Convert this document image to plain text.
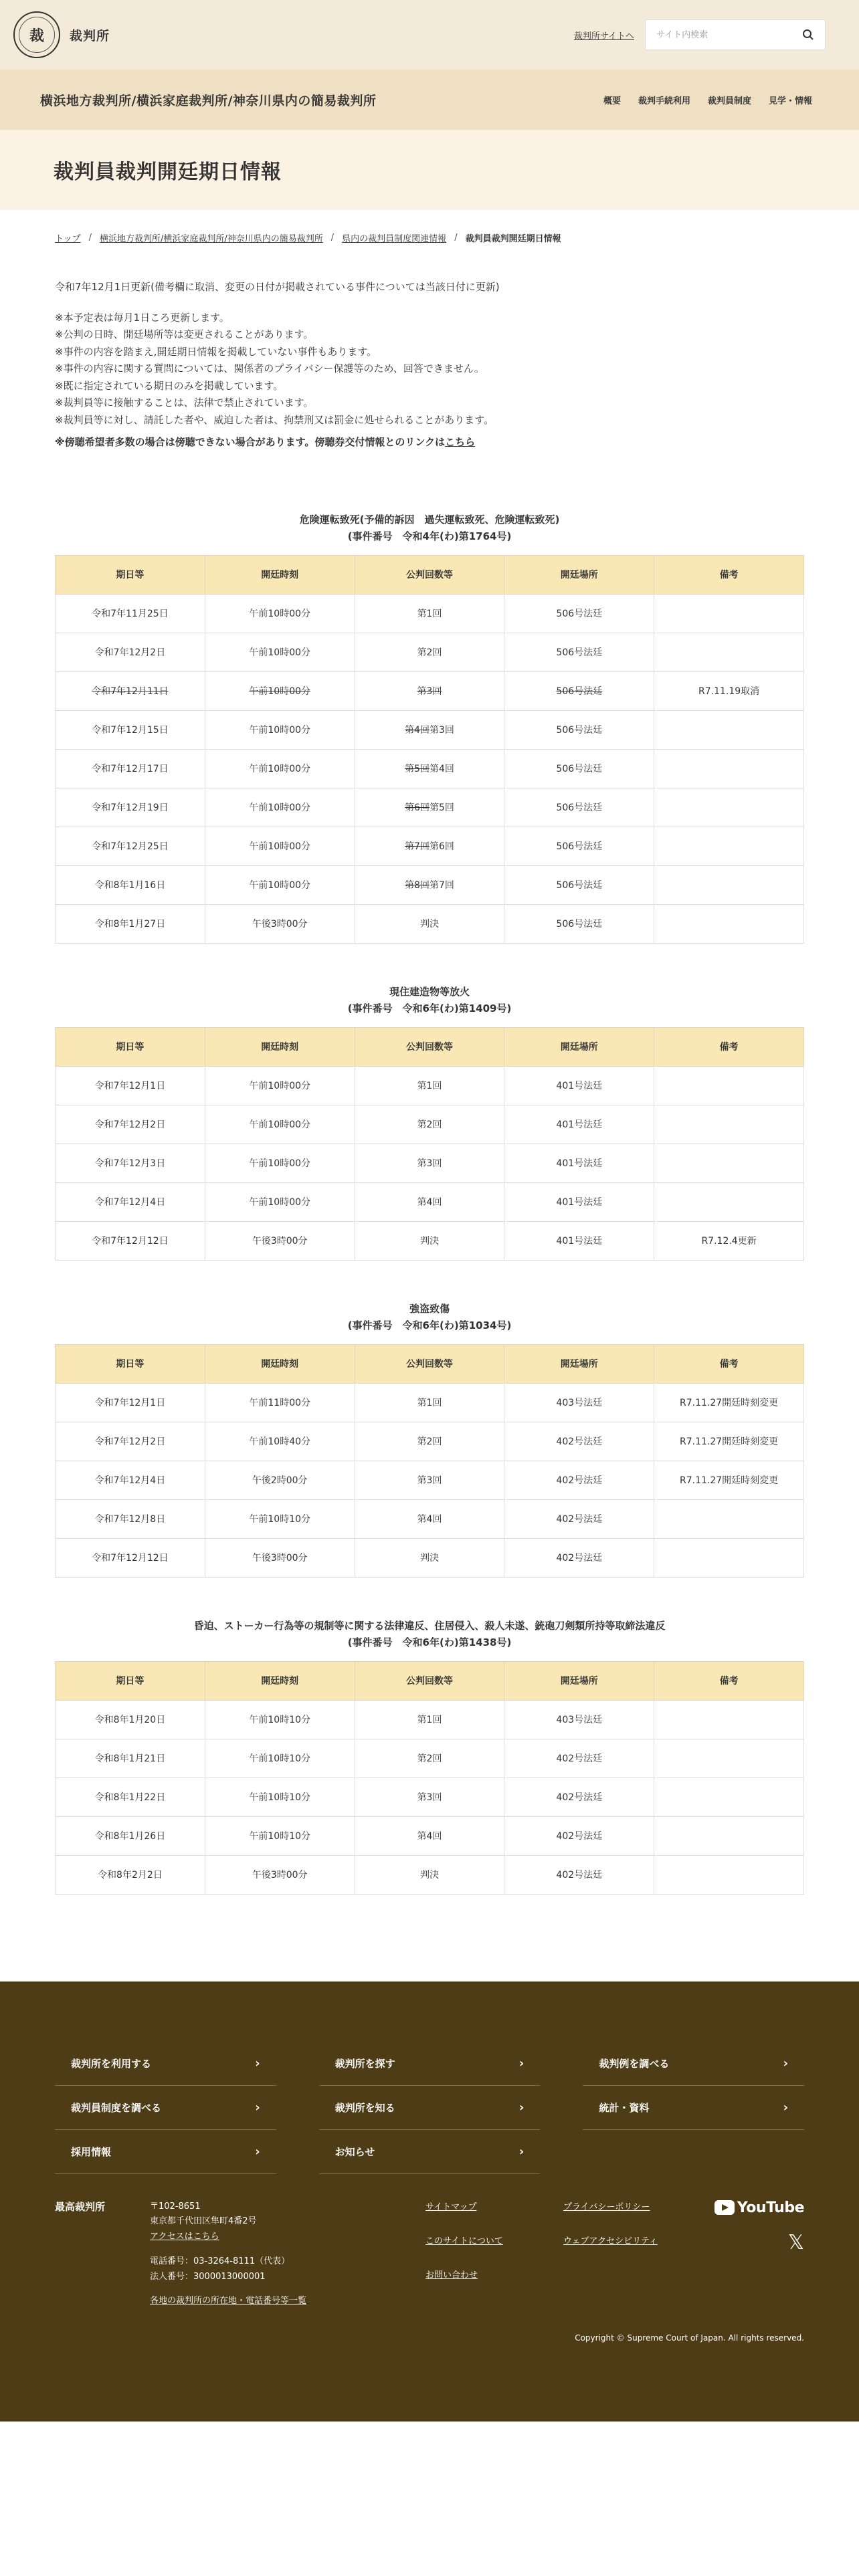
裁 裁判所	裁判所サイトへ
サイト内検索
横浜地方裁判所/横浜家庭裁判所/神奈川県内の簡易裁判所	概要 裁判手続利用 裁判員制度 見学・情報
裁判員裁判開廷期日情報
トップ / 横浜地方裁判所/横浜家庭裁判所/神奈川県内の簡易裁判所 / 県内の裁判員制度関連情報 / 裁判員裁判開廷期日情報

令和7年12月1日更新(備考欄に取消、変更の日付が掲載されている事件については当該日付に更新)

※本予定表は毎月1日ころ更新します。
※公判の日時、開廷場所等は変更されることがあります。
※事件の内容を踏まえ,開廷期日情報を掲載していない事件もあります。
※事件の内容に関する質問については、関係者のプライバシー保護等のため、回答できません。
※既に指定されている期日のみを掲載しています。
※裁判員等に接触することは、法律で禁止されています。
※裁判員等に対し、請託した者や、威迫した者は、拘禁刑又は罰金に処せられることがあります。

※傍聴希望者多数の場合は傍聴できない場合があります。傍聴券交付情報とのリンクはこちら

危険運転致死(予備的訴因　過失運転致死、危険運転致死)
(事件番号　令和4年(わ)第1764号)

期日等	開廷時刻	公判回数等	開廷場所	備考
令和7年11月25日	午前10時00分	第1回	506号法廷	
令和7年12月2日	午前10時00分	第2回	506号法廷	
令和7年12月11日	午前10時00分	第3回	506号法廷	R7.11.19取消
令和7年12月15日	午前10時00分	第4回第3回	506号法廷	
令和7年12月17日	午前10時00分	第5回第4回	506号法廷	
令和7年12月19日	午前10時00分	第6回第5回	506号法廷	
令和7年12月25日	午前10時00分	第7回第6回	506号法廷	
令和8年1月16日	午前10時00分	第8回第7回	506号法廷	
令和8年1月27日	午後3時00分	判決	506号法廷	

現住建造物等放火
(事件番号　令和6年(わ)第1409号)

期日等	開廷時刻	公判回数等	開廷場所	備考
令和7年12月1日	午前10時00分	第1回	401号法廷	
令和7年12月2日	午前10時00分	第2回	401号法廷	
令和7年12月3日	午前10時00分	第3回	401号法廷	
令和7年12月4日	午前10時00分	第4回	401号法廷	
令和7年12月12日	午後3時00分	判決	401号法廷	R7.12.4更新

強盗致傷
(事件番号　令和6年(わ)第1034号)

期日等	開廷時刻	公判回数等	開廷場所	備考
令和7年12月1日	午前11時00分	第1回	403号法廷	R7.11.27開廷時刻変更
令和7年12月2日	午前10時40分	第2回	402号法廷	R7.11.27開廷時刻変更
令和7年12月4日	午後2時00分	第3回	402号法廷	R7.11.27開廷時刻変更
令和7年12月8日	午前10時10分	第4回	402号法廷	
令和7年12月12日	午後3時00分	判決	402号法廷	

昏迫、ストーカー行為等の規制等に関する法律違反、住居侵入、殺人未遂、銃砲刀剣類所持等取締法違反
(事件番号　令和6年(わ)第1438号)

期日等	開廷時刻	公判回数等	開廷場所	備考
令和8年1月20日	午前10時10分	第1回	403号法廷	
令和8年1月21日	午前10時10分	第2回	402号法廷	
令和8年1月22日	午前10時10分	第3回	402号法廷	
令和8年1月26日	午前10時10分	第4回	402号法廷	
令和8年2月2日	午後3時00分	判決	402号法廷	
裁判所を利用する	›	裁判所を探す	›	裁判例を調べる	›
裁判員制度を調べる	›	裁判所を知る	›	統計・資料	›
採用情報	›	お知らせ	›
最高裁判所	〒102-8651
東京都千代田区隼町4番2号
アクセスはこちら
電話番号：03-3264-8111（代表）
法人番号：3000013000001
各地の裁判所の所在地・電話番号等一覧
サイトマップ
このサイトについて
お問い合わせ
プライバシーポリシー
ウェブアクセシビリティ
YouTube
𝕏

Copyright © Supreme Court of Japan. All rights reserved.
